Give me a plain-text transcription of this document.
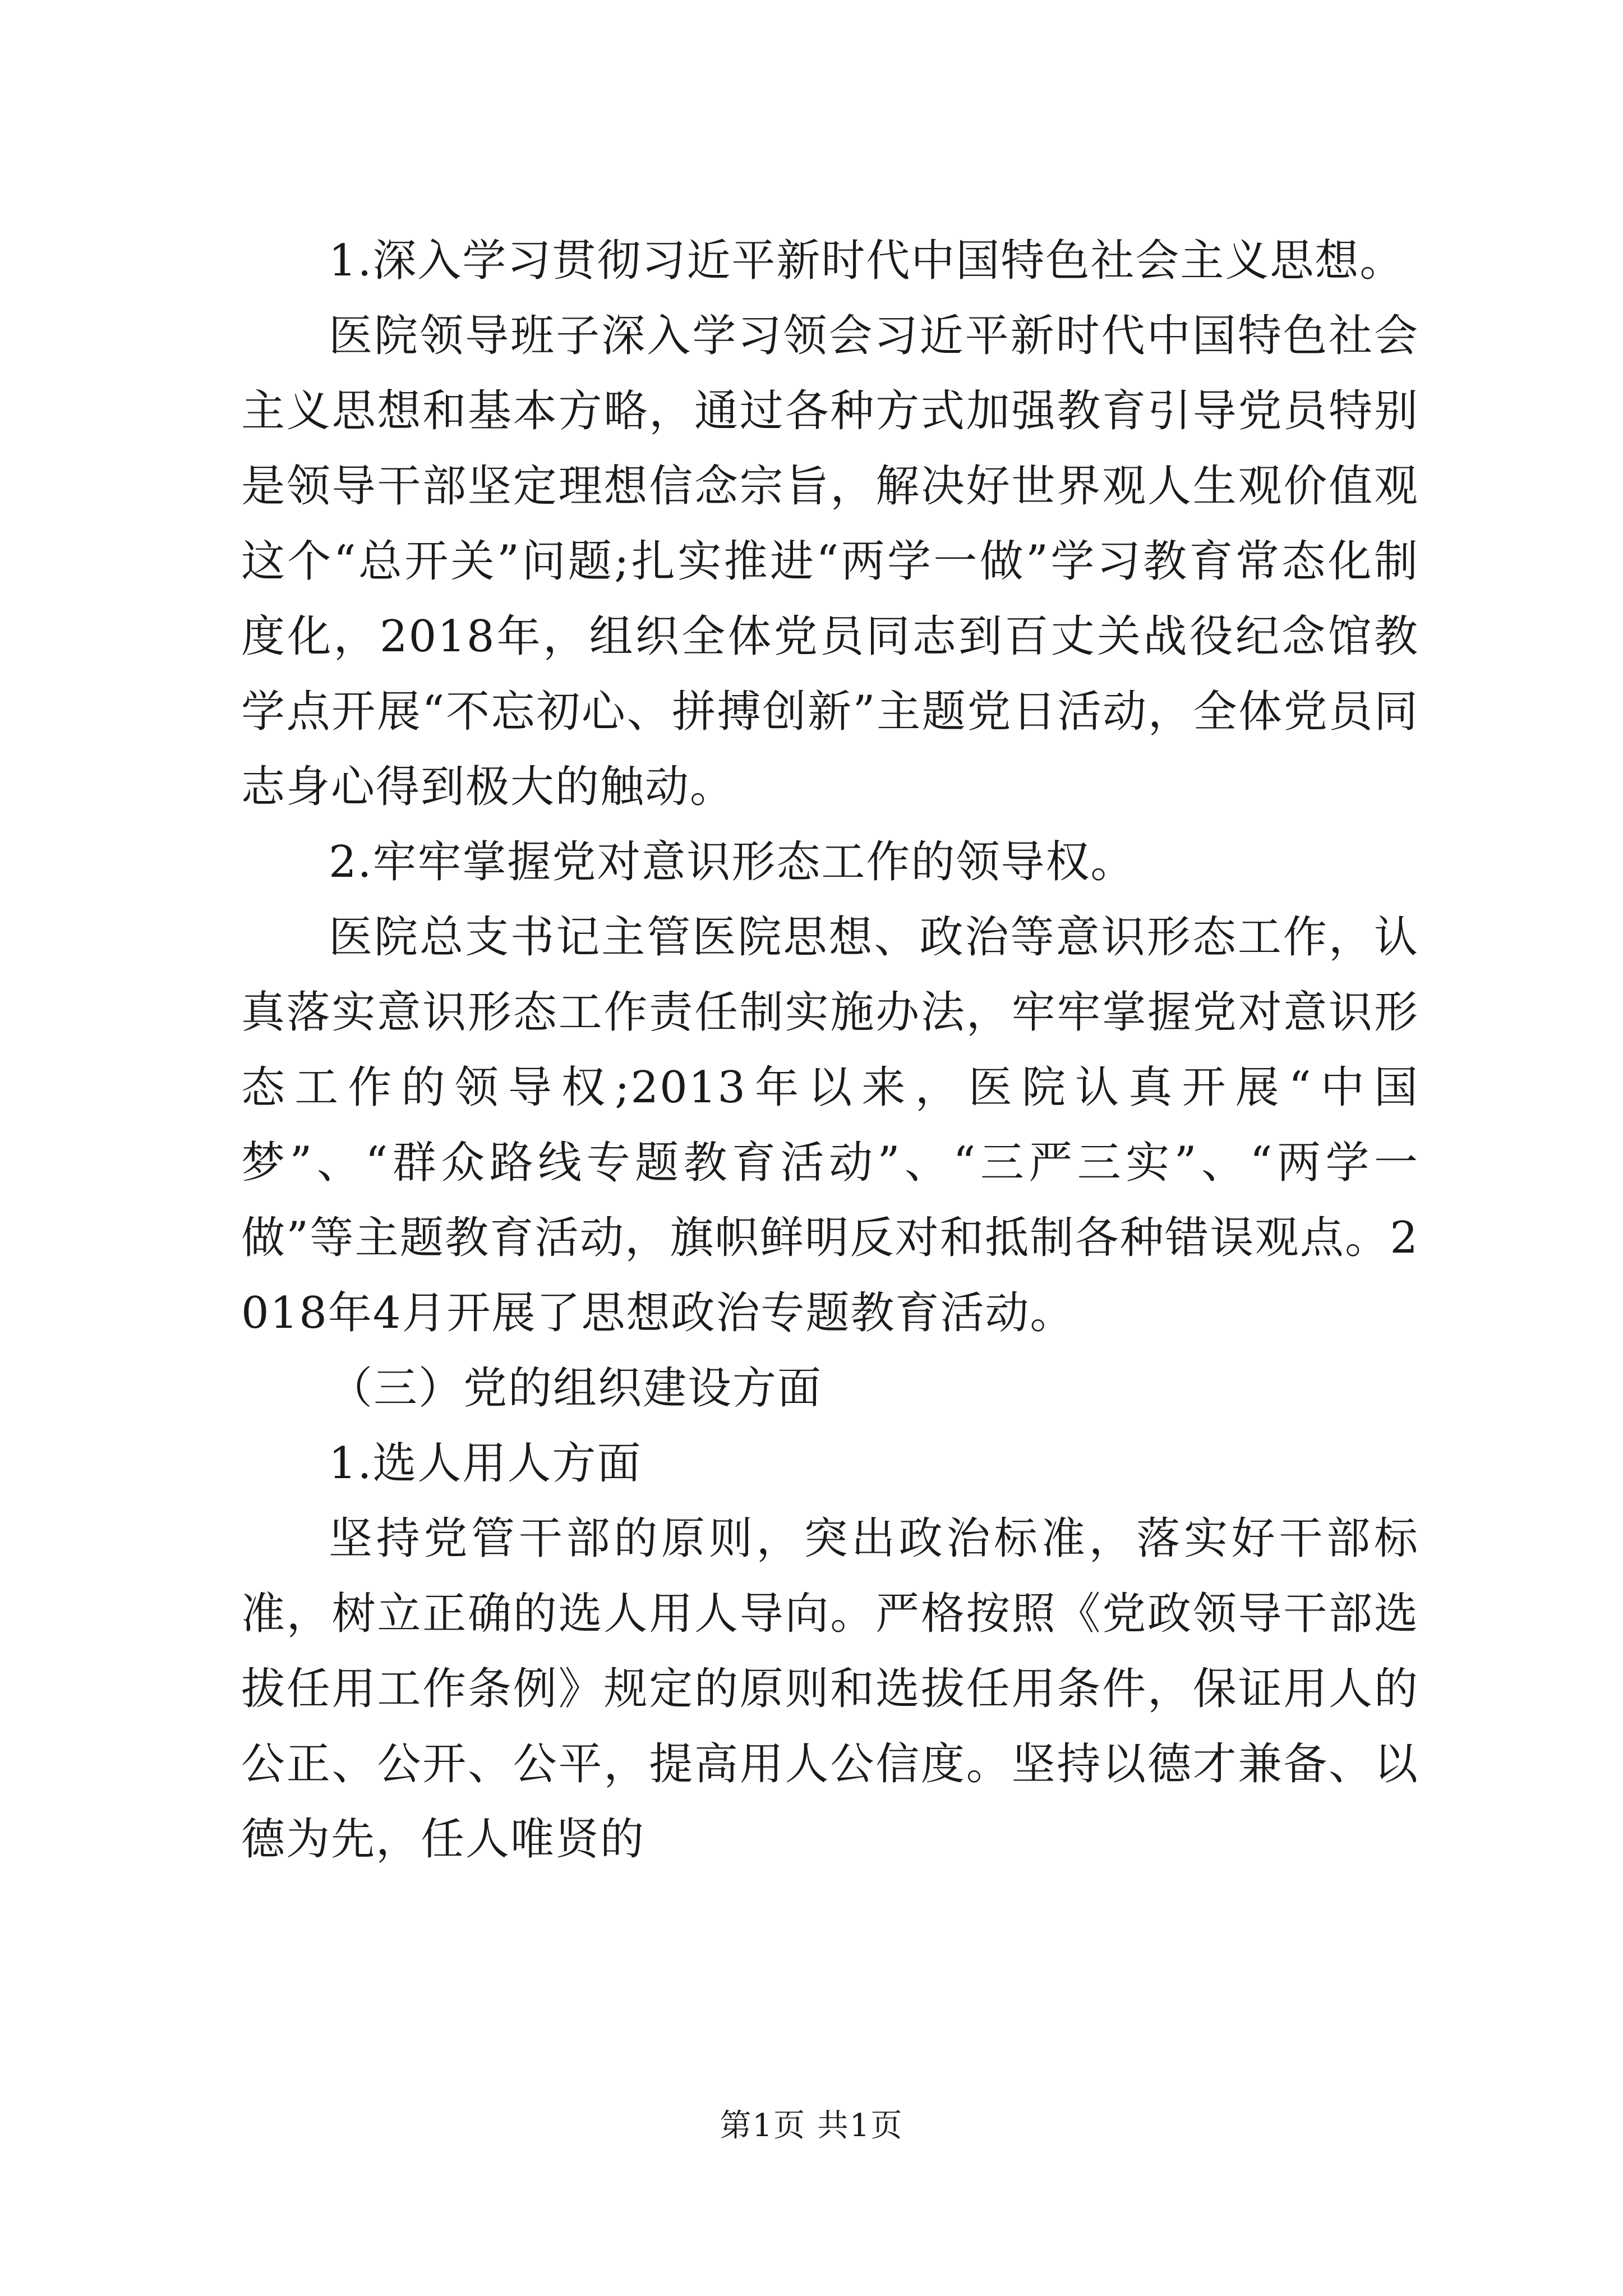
1.深入学习贯彻习近平新时代中国特色社会主义思想。

医院领导班子深入学习领会习近平新时代中国特色社会主义思想和基本方略，通过各种方式加强教育引导党员特别是领导干部坚定理想信念宗旨，解决好世界观人生观价值观这个“总开关”问题;扎实推进“两学一做”学习教育常态化制度化，2018年，组织全体党员同志到百丈关战役纪念馆教学点开展“不忘初心、拼搏创新”主题党日活动，全体党员同志身心得到极大的触动。

2.牢牢掌握党对意识形态工作的领导权。

医院总支书记主管医院思想、政治等意识形态工作，认真落实意识形态工作责任制实施办法，牢牢掌握党对意识形态工作的领导权;2013年以来，医院认真开展“中国梦”、“群众路线专题教育活动”、“三严三实”、“两学一做”等主题教育活动，旗帜鲜明反对和抵制各种错误观点。2018年4月开展了思想政治专题教育活动。

（三）党的组织建设方面

1.选人用人方面

坚持党管干部的原则，突出政治标准，落实好干部标准，树立正确的选人用人导向。严格按照《党政领导干部选拔任用工作条例》规定的原则和选拔任用条件，保证用人的公正、公开、公平，提高用人公信度。坚持以德才兼备、以德为先，任人唯贤的

第1页 共1页
